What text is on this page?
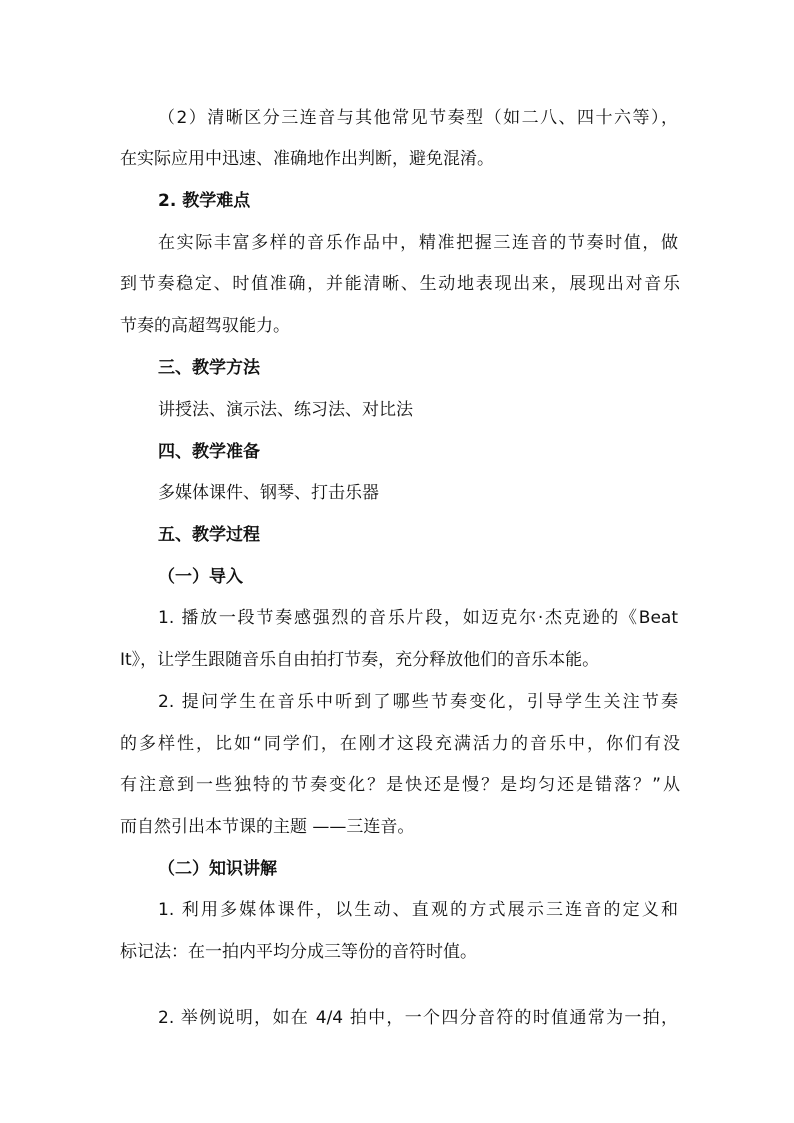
（2）清晰区分三连音与其他常见节奏型（如二八、四十六等），
在实际应用中迅速、准确地作出判断，避免混淆。
2. 教学难点
在实际丰富多样的音乐作品中，精准把握三连音的节奏时值，做
到节奏稳定、时值准确，并能清晰、生动地表现出来，展现出对音乐
节奏的高超驾驭能力。
三、教学方法
讲授法、演示法、练习法、对比法
四、教学准备
多媒体课件、钢琴、打击乐器
五、教学过程
（一）导入
1. 播放一段节奏感强烈的音乐片段，如迈克尔·杰克逊的《Beat
It》，让学生跟随音乐自由拍打节奏，充分释放他们的音乐本能。
2. 提问学生在音乐中听到了哪些节奏变化，引导学生关注节奏
的多样性，比如“同学们，在刚才这段充满活力的音乐中，你们有没
有注意到一些独特的节奏变化？是快还是慢？是均匀还是错落？”从
而自然引出本节课的主题 ——三连音。
（二）知识讲解
1. 利用多媒体课件，以生动、直观的方式展示三连音的定义和
标记法：在一拍内平均分成三等份的音符时值。
2. 举例说明，如在 4/4 拍中，一个四分音符的时值通常为一拍，
